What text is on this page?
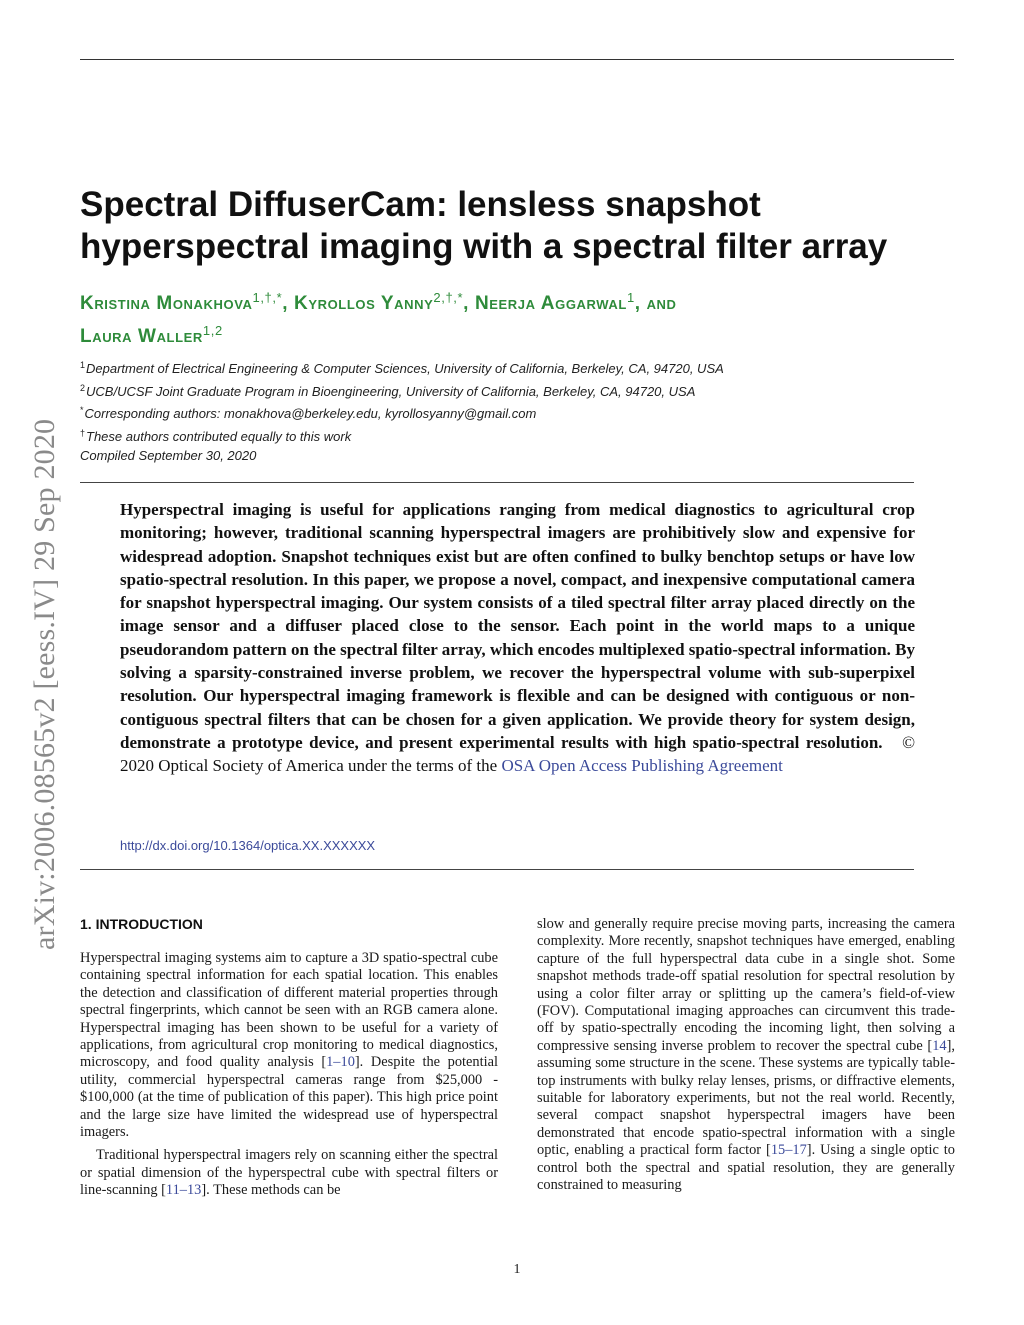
arXiv:2006.08565v2 [eess.IV] 29 Sep 2020
Spectral DiffuserCam: lensless snapshot
hyperspectral imaging with a spectral filter array
Kristina Monakhova$^{1,\dagger,*}$, Kyrollos Yanny$^{2,\dagger,*}$, Neerja Aggarwal$^1$, and
Laura Waller$^{1,2}$
$^1$Department of Electrical Engineering & Computer Sciences, University of California, Berkeley, CA, 94720, USA
$^2$UCB/UCSF Joint Graduate Program in Bioengineering, University of California, Berkeley, CA, 94720, USA
*Corresponding authors: monakhova@berkeley.edu, kyrollosyanny@gmail.com
†These authors contributed equally to this work
Compiled September 30, 2020
Hyperspectral imaging is useful for applications ranging from medical diagnostics to agricultural crop monitoring; however, traditional scanning hyperspectral imagers are prohibitively slow and expensive for widespread adoption. Snapshot techniques exist but are often confined to bulky benchtop setups or have low spatio-spectral resolution. In this paper, we propose a novel, compact, and inexpensive computational camera for snapshot hyperspectral imaging. Our system consists of a tiled spectral filter array placed directly on the image sensor and a diffuser placed close to the sensor. Each point in the world maps to a unique pseudorandom pattern on the spectral filter array, which encodes multiplexed spatio-spectral information. By solving a sparsity-constrained inverse problem, we recover the hyperspectral volume with sub-superpixel resolution. Our hyperspectral imaging framework is flexible and can be designed with contiguous or non-contiguous spectral filters that can be chosen for a given application. We provide theory for system design, demonstrate a prototype device, and present experimental results with high spatio-spectral resolution. © 2020 Optical Society of America under the terms of the OSA Open Access Publishing Agreement
http://dx.doi.org/10.1364/optica.XX.XXXXXX
1. INTRODUCTION

Hyperspectral imaging systems aim to capture a 3D spatio-spectral cube containing spectral information for each spatial location. This enables the detection and classification of different material properties through spectral fingerprints, which cannot be seen with an RGB camera alone. Hyperspectral imaging has been shown to be useful for a variety of applications, from agricultural crop monitoring to medical diagnostics, microscopy, and food quality analysis [1–10]. Despite the potential utility, commercial hyperspectral cameras range from $25,000 - $100,000 (at the time of publication of this paper). This high price point and the large size have limited the widespread use of hyperspectral imagers.

Traditional hyperspectral imagers rely on scanning either the spectral or spatial dimension of the hyperspectral cube with spectral filters or line-scanning [11–13]. These methods can be

slow and generally require precise moving parts, increasing the camera complexity. More recently, snapshot techniques have emerged, enabling capture of the full hyperspectral data cube in a single shot. Some snapshot methods trade-off spatial resolution for spectral resolution by using a color filter array or splitting up the camera’s field-of-view (FOV). Computational imaging approaches can circumvent this trade-off by spatio-spectrally encoding the incoming light, then solving a compressive sensing inverse problem to recover the spectral cube [14], assuming some structure in the scene. These systems are typically table-top instruments with bulky relay lenses, prisms, or diffractive elements, suitable for laboratory experiments, but not the real world. Recently, several compact snapshot hyperspectral imagers have been demonstrated that encode spatio-spectral information with a single optic, enabling a practical form factor [15–17]. Using a single optic to control both the spectral and spatial resolution, they are generally constrained to measuring

1
